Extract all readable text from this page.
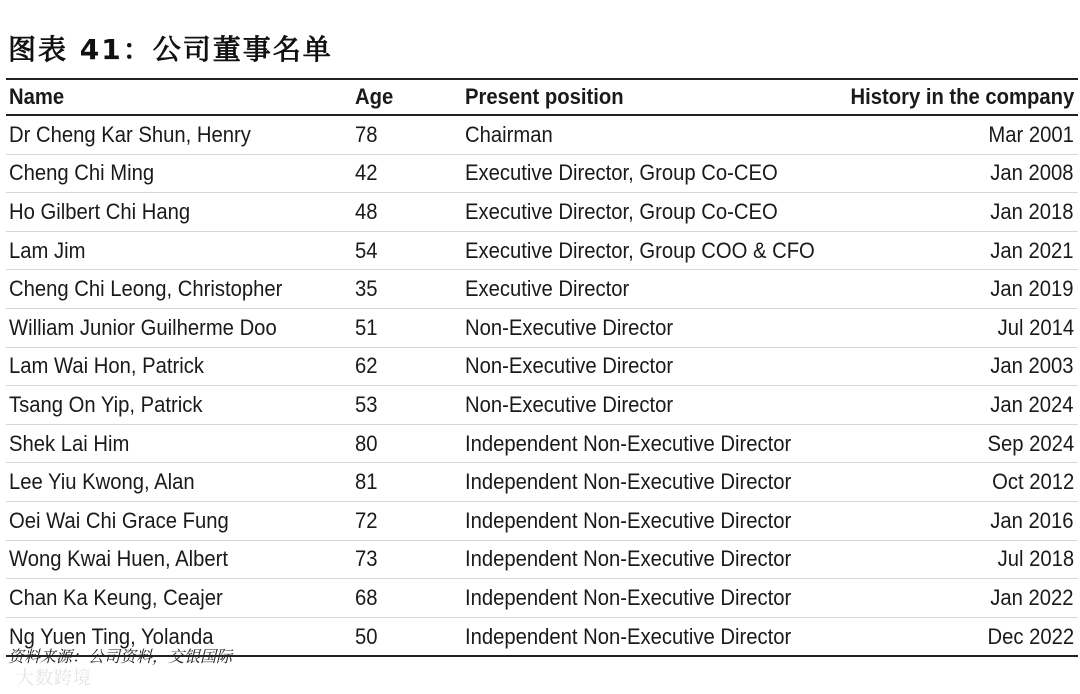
图表 41：公司董事名单
Name	Age	Present position	History in the company
Dr Cheng Kar Shun, Henry	78	Chairman	Mar 2001
Cheng Chi Ming	42	Executive Director, Group Co-CEO	Jan 2008
Ho Gilbert Chi Hang	48	Executive Director, Group Co-CEO	Jan 2018
Lam Jim	54	Executive Director, Group COO & CFO	Jan 2021
Cheng Chi Leong, Christopher	35	Executive Director	Jan 2019
William Junior Guilherme Doo	51	Non-Executive Director	Jul 2014
Lam Wai Hon, Patrick	62	Non-Executive Director	Jan 2003
Tsang On Yip, Patrick	53	Non-Executive Director	Jan 2024
Shek Lai Him	80	Independent Non-Executive Director	Sep 2024
Lee Yiu Kwong, Alan	81	Independent Non-Executive Director	Oct 2012
Oei Wai Chi Grace Fung	72	Independent Non-Executive Director	Jan 2016
Wong Kwai Huen, Albert	73	Independent Non-Executive Director	Jul 2018
Chan Ka Keung, Ceajer	68	Independent Non-Executive Director	Jan 2022
Ng Yuen Ting, Yolanda	50	Independent Non-Executive Director	Dec 2022
资料来源：公司资料，交银国际
大数跨境
